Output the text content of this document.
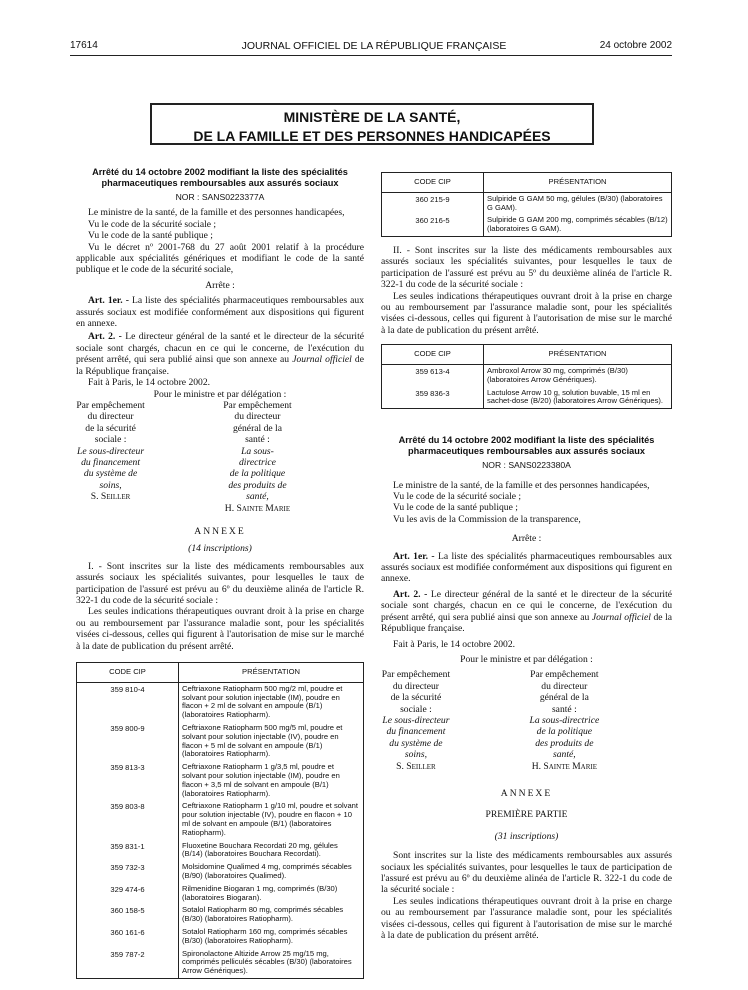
17614	JOURNAL OFFICIEL DE LA RÉPUBLIQUE FRANÇAISE	24 octobre 2002
MINISTÈRE DE LA SANTÉ,
DE LA FAMILLE ET DES PERSONNES HANDICAPÉES
Arrêté du 14 octobre 2002 modifiant la liste des spécialités pharmaceutiques remboursables aux assurés sociaux
NOR : SANS0223377A

Le ministre de la santé, de la famille et des personnes handicapées,

Vu le code de la sécurité sociale ;

Vu le code de la santé publique ;

Vu le décret nº 2001-768 du 27 août 2001 relatif à la procédure applicable aux spécialités génériques et modifiant le code de la santé publique et le code de la sécurité sociale,

Arrête :

Art. 1er. - La liste des spécialités pharmaceutiques remboursables aux assurés sociaux est modifiée conformément aux dispositions qui figurent en annexe.

Art. 2. - Le directeur général de la santé et le directeur de la sécurité sociale sont chargés, chacun en ce qui le concerne, de l'exécution du présent arrêté, qui sera publié ainsi que son annexe au Journal officiel de la République française.

Fait à Paris, le 14 octobre 2002.

Pour le ministre et par délégation :

Par empêchement du directeur
de la sécurité sociale :
Le sous-directeur
du financement
du système de soins,
S. Seiller
Par empêchement
du directeur général de la santé :
La sous-directrice
de la politique
des produits de santé,
H. Sainte Marie

ANNEXE

(14 inscriptions)

I. - Sont inscrites sur la liste des médicaments remboursables aux assurés sociaux les spécialités suivantes, pour lesquelles le taux de participation de l'assuré est prévu au 6º du deuxième alinéa de l'article R. 322-1 du code de la sécurité sociale :

Les seules indications thérapeutiques ouvrant droit à la prise en charge ou au remboursement par l'assurance maladie sont, pour les spécialités visées ci-dessous, celles qui figurent à l'autorisation de mise sur le marché à la date de publication du présent arrêté.

CODE CIP	PRÉSENTATION
359 810-4	Ceftriaxone Ratiopharm 500 mg/2 ml, poudre et solvant pour solution injectable (IM), poudre en flacon + 2 ml de solvant en ampoule (B/1) (laboratoires Ratiopharm).
359 800-9	Ceftriaxone Ratiopharm 500 mg/5 ml, poudre et solvant pour solution injectable (IV), poudre en flacon + 5 ml de solvant en ampoule (B/1) (laboratoires Ratiopharm).
359 813-3	Ceftriaxone Ratiopharm 1 g/3,5 ml, poudre et solvant pour solution injectable (IM), poudre en flacon + 3,5 ml de solvant en ampoule (B/1) (laboratoires Ratiopharm).
359 803-8	Ceftriaxone Ratiopharm 1 g/10 ml, poudre et solvant pour solution injectable (IV), poudre en flacon + 10 ml de solvant en ampoule (B/1) (laboratoires Ratiopharm).
359 831-1	Fluoxetine Bouchara Recordati 20 mg, gélules (B/14) (laboratoires Bouchara Recordati).
359 732-3	Molsidomine Qualimed 4 mg, comprimés sécables (B/90) (laboratoires Qualimed).
329 474-6	Rilmenidine Biogaran 1 mg, comprimés (B/30) (laboratoires Biogaran).
360 158-5	Sotalol Ratiopharm 80 mg, comprimés sécables (B/30) (laboratoires Ratiopharm).
360 161-6	Sotalol Ratiopharm 160 mg, comprimés sécables (B/30) (laboratoires Ratiopharm).
359 787-2	Spironolactone Altizide Arrow 25 mg/15 mg, comprimés pelliculés sécables (B/30) (laboratoires Arrow Génériques).
CODE CIP	PRÉSENTATION
360 215-9	Sulpiride G GAM 50 mg, gélules (B/30) (laboratoires G GAM).
360 216-5	Sulpiride G GAM 200 mg, comprimés sécables (B/12) (laboratoires G GAM).

II. - Sont inscrites sur la liste des médicaments remboursables aux assurés sociaux les spécialités suivantes, pour lesquelles le taux de participation de l'assuré est prévu au 5º du deuxième alinéa de l'article R. 322-1 du code de la sécurité sociale :

Les seules indications thérapeutiques ouvrant droit à la prise en charge ou au remboursement par l'assurance maladie sont, pour les spécialités visées ci-dessous, celles qui figurent à l'autorisation de mise sur le marché à la date de publication du présent arrêté.

CODE CIP	PRÉSENTATION
359 613-4	Ambroxol Arrow 30 mg, comprimés (B/30) (laboratoires Arrow Génériques).
359 836-3	Lactulose Arrow 10 g, solution buvable, 15 ml en sachet-dose (B/20) (laboratoires Arrow Génériques).
Arrêté du 14 octobre 2002 modifiant la liste des spécialités pharmaceutiques remboursables aux assurés sociaux
NOR : SANS0223380A

Le ministre de la santé, de la famille et des personnes handicapées,

Vu le code de la sécurité sociale ;

Vu le code de la santé publique ;

Vu les avis de la Commission de la transparence,

Arrête :

Art. 1er. - La liste des spécialités pharmaceutiques remboursables aux assurés sociaux est modifiée conformément aux dispositions qui figurent en annexe.

Art. 2. - Le directeur général de la santé et le directeur de la sécurité sociale sont chargés, chacun en ce qui le concerne, de l'exécution du présent arrêté, qui sera publié ainsi que son annexe au Journal officiel de la République française.

Fait à Paris, le 14 octobre 2002.

Pour le ministre et par délégation :

Par empêchement du directeur
de la sécurité sociale :
Le sous-directeur
du financement
du système de soins,
S. Seiller
Par empêchement
du directeur général de la santé :
La sous-directrice
de la politique
des produits de santé,
H. Sainte Marie

ANNEXE

PREMIÈRE PARTIE

(31 inscriptions)

Sont inscrites sur la liste des médicaments remboursables aux assurés sociaux les spécialités suivantes, pour lesquelles le taux de participation de l'assuré est prévu au 6º du deuxième alinéa de l'article R. 322-1 du code de la sécurité sociale :

Les seules indications thérapeutiques ouvrant droit à la prise en charge ou au remboursement par l'assurance maladie sont, pour les spécialités visées ci-dessous, celles qui figurent à l'autorisation de mise sur le marché à la date de publication du présent arrêté.
